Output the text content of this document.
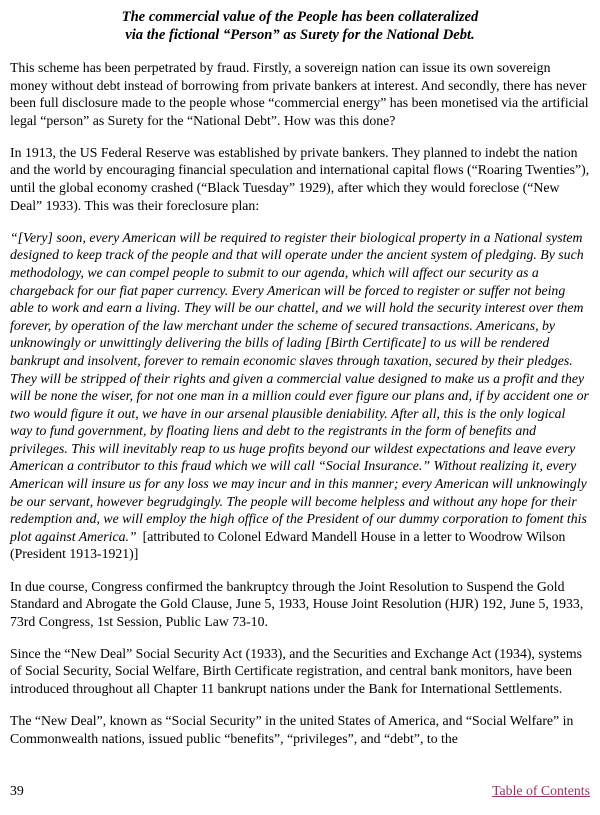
The commercial value of the People has been collateralized
via the fictional “Person” as Surety for the National Debt.

This scheme has been perpetrated by fraud. Firstly, a sovereign nation can issue its own sovereign money without debt instead of borrowing from private bankers at interest. And secondly, there has never been full disclosure made to the people whose “commercial energy” has been monetised via the artificial legal “person” as Surety for the “National Debt”. How was this done?

In 1913, the US Federal Reserve was established by private bankers. They planned to indebt the nation and the world by encouraging financial speculation and international capital flows (“Roaring Twenties”), until the global economy crashed (“Black Tuesday” 1929), after which they would foreclose (“New Deal” 1933). This was their foreclosure plan:

“[Very] soon, every American will be required to register their biological property in a National system designed to keep track of the people and that will operate under the ancient system of pledging. By such methodology, we can compel people to submit to our agenda, which will affect our security as a chargeback for our fiat paper currency. Every American will be forced to register or suffer not being able to work and earn a living. They will be our chattel, and we will hold the security interest over them forever, by operation of the law merchant under the scheme of secured transactions. Americans, by unknowingly or unwittingly delivering the bills of lading [Birth Certificate] to us will be rendered bankrupt and insolvent, forever to remain economic slaves through taxation, secured by their pledges. They will be stripped of their rights and given a commercial value designed to make us a profit and they will be none the wiser, for not one man in a million could ever figure our plans and, if by accident one or two would figure it out, we have in our arsenal plausible deniability. After all, this is the only logical way to fund government, by floating liens and debt to the registrants in the form of benefits and privileges. This will inevitably reap to us huge profits beyond our wildest expectations and leave every American a contributor to this fraud which we will call “Social Insurance.” Without realizing it, every American will insure us for any loss we may incur and in this manner; every American will unknowingly be our servant, however begrudgingly. The people will become helpless and without any hope for their redemption and, we will employ the high office of the President of our dummy corporation to foment this plot against America.” [attributed to Colonel Edward Mandell House in a letter to Woodrow Wilson (President 1913-1921)]

In due course, Congress confirmed the bankruptcy through the Joint Resolution to Suspend the Gold Standard and Abrogate the Gold Clause, June 5, 1933, House Joint Resolution (HJR) 192, June 5, 1933, 73rd Congress, 1st Session, Public Law 73-10.

Since the “New Deal” Social Security Act (1933), and the Securities and Exchange Act (1934), systems of Social Security, Social Welfare, Birth Certificate registration, and central bank monitors, have been introduced throughout all Chapter 11 bankrupt nations under the Bank for International Settlements.

The “New Deal”, known as “Social Security” in the united States of America, and “Social Welfare” in Commonwealth nations, issued public “benefits”, “privileges”, and “debt”, to the

39	Table of Contents
